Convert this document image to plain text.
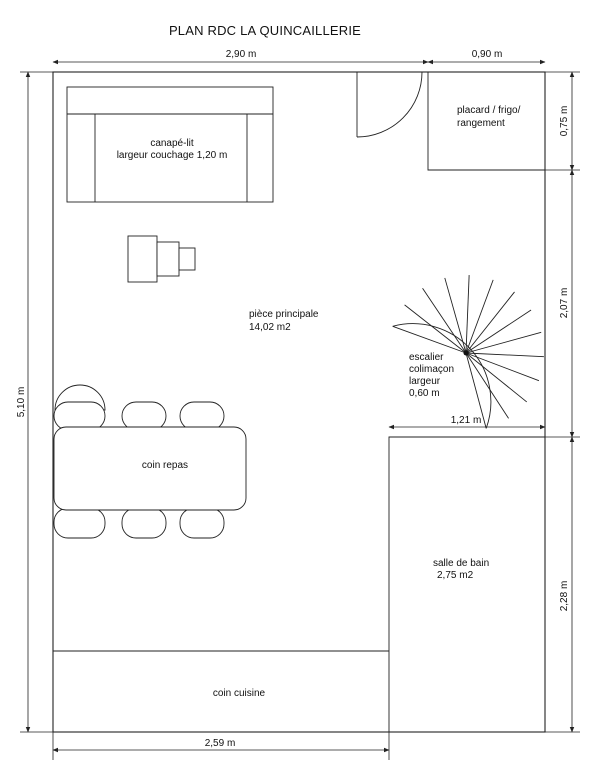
PLAN RDC LA QUINCAILLERIE
placard / frigo/
rangement
canapé-lit
largeur couchage 1,20 m
pièce principale
14,02 m2
escalier
colimaçon
largeur
0,60 m
1,21 m
coin repas
salle de bain
2,75 m2
coin cuisine
2,90 m	0,90 m
5,10 m
0,75 m
2,07 m
2,28 m
2,59 m
